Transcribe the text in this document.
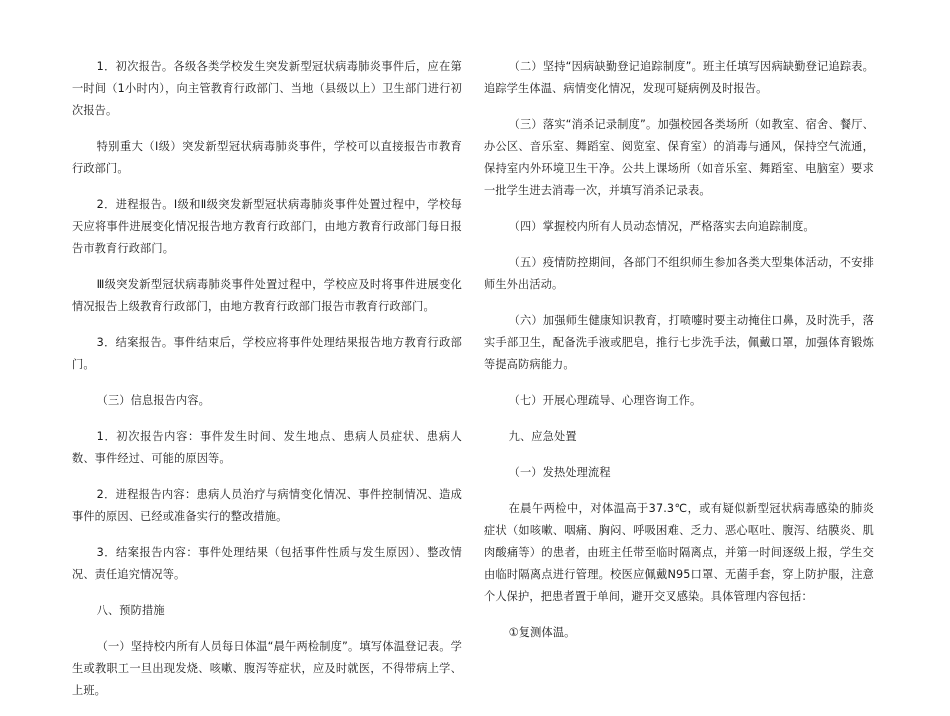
1．初次报告。各级各类学校发生突发新型冠状病毒肺炎事件后，应在第一时间（1小时内），向主管教育行政部门、当地（县级以上）卫生部门进行初次报告。

特别重大（Ⅰ级）突发新型冠状病毒肺炎事件，学校可以直接报告市教育行政部门。

2．进程报告。Ⅰ级和Ⅱ级突发新型冠状病毒肺炎事件处置过程中，学校每天应将事件进展变化情况报告地方教育行政部门，由地方教育行政部门每日报告市教育行政部门。

Ⅲ级突发新型冠状病毒肺炎事件处置过程中，学校应及时将事件进展变化情况报告上级教育行政部门，由地方教育行政部门报告市教育行政部门。

3．结案报告。事件结束后，学校应将事件处理结果报告地方教育行政部门。

（三）信息报告内容。

1．初次报告内容：事件发生时间、发生地点、患病人员症状、患病人数、事件经过、可能的原因等。

2．进程报告内容：患病人员治疗与病情变化情况、事件控制情况、造成事件的原因、已经或准备实行的整改措施。

3．结案报告内容：事件处理结果（包括事件性质与发生原因）、整改情况、责任追究情况等。

八、预防措施

（一）坚持校内所有人员每日体温“晨午两检制度”。填写体温登记表。学生或教职工一旦出现发烧、咳嗽、腹泻等症状，应及时就医，不得带病上学、上班。

（二）坚持“因病缺勤登记追踪制度”。班主任填写因病缺勤登记追踪表。追踪学生体温、病情变化情况，发现可疑病例及时报告。

（三）落实“消杀记录制度”。加强校园各类场所（如教室、宿舍、餐厅、办公区、音乐室、舞蹈室、阅览室、保育室）的消毒与通风，保持空气流通，保持室内外环境卫生干净。公共上课场所（如音乐室、舞蹈室、电脑室）要求一批学生进去消毒一次，并填写消杀记录表。

（四）掌握校内所有人员动态情况，严格落实去向追踪制度。

（五）疫情防控期间，各部门不组织师生参加各类大型集体活动，不安排师生外出活动。

（六）加强师生健康知识教育，打喷嚏时要主动掩住口鼻，及时洗手，落实手部卫生，配备洗手液或肥皂，推行七步洗手法，佩戴口罩，加强体育锻炼等提高防病能力。

（七）开展心理疏导、心理咨询工作。

九、应急处置

（一）发热处理流程

在晨午两检中，对体温高于37.3℃，或有疑似新型冠状病毒感染的肺炎症状（如咳嗽、咽痛、胸闷、呼吸困难、乏力、恶心呕吐、腹泻、结膜炎、肌肉酸痛等）的患者，由班主任带至临时隔离点，并第一时间逐级上报，学生交由临时隔离点进行管理。校医应佩戴N95口罩、无菌手套，穿上防护服，注意个人保护，把患者置于单间，避开交叉感染。具体管理内容包括：

①复测体温。
